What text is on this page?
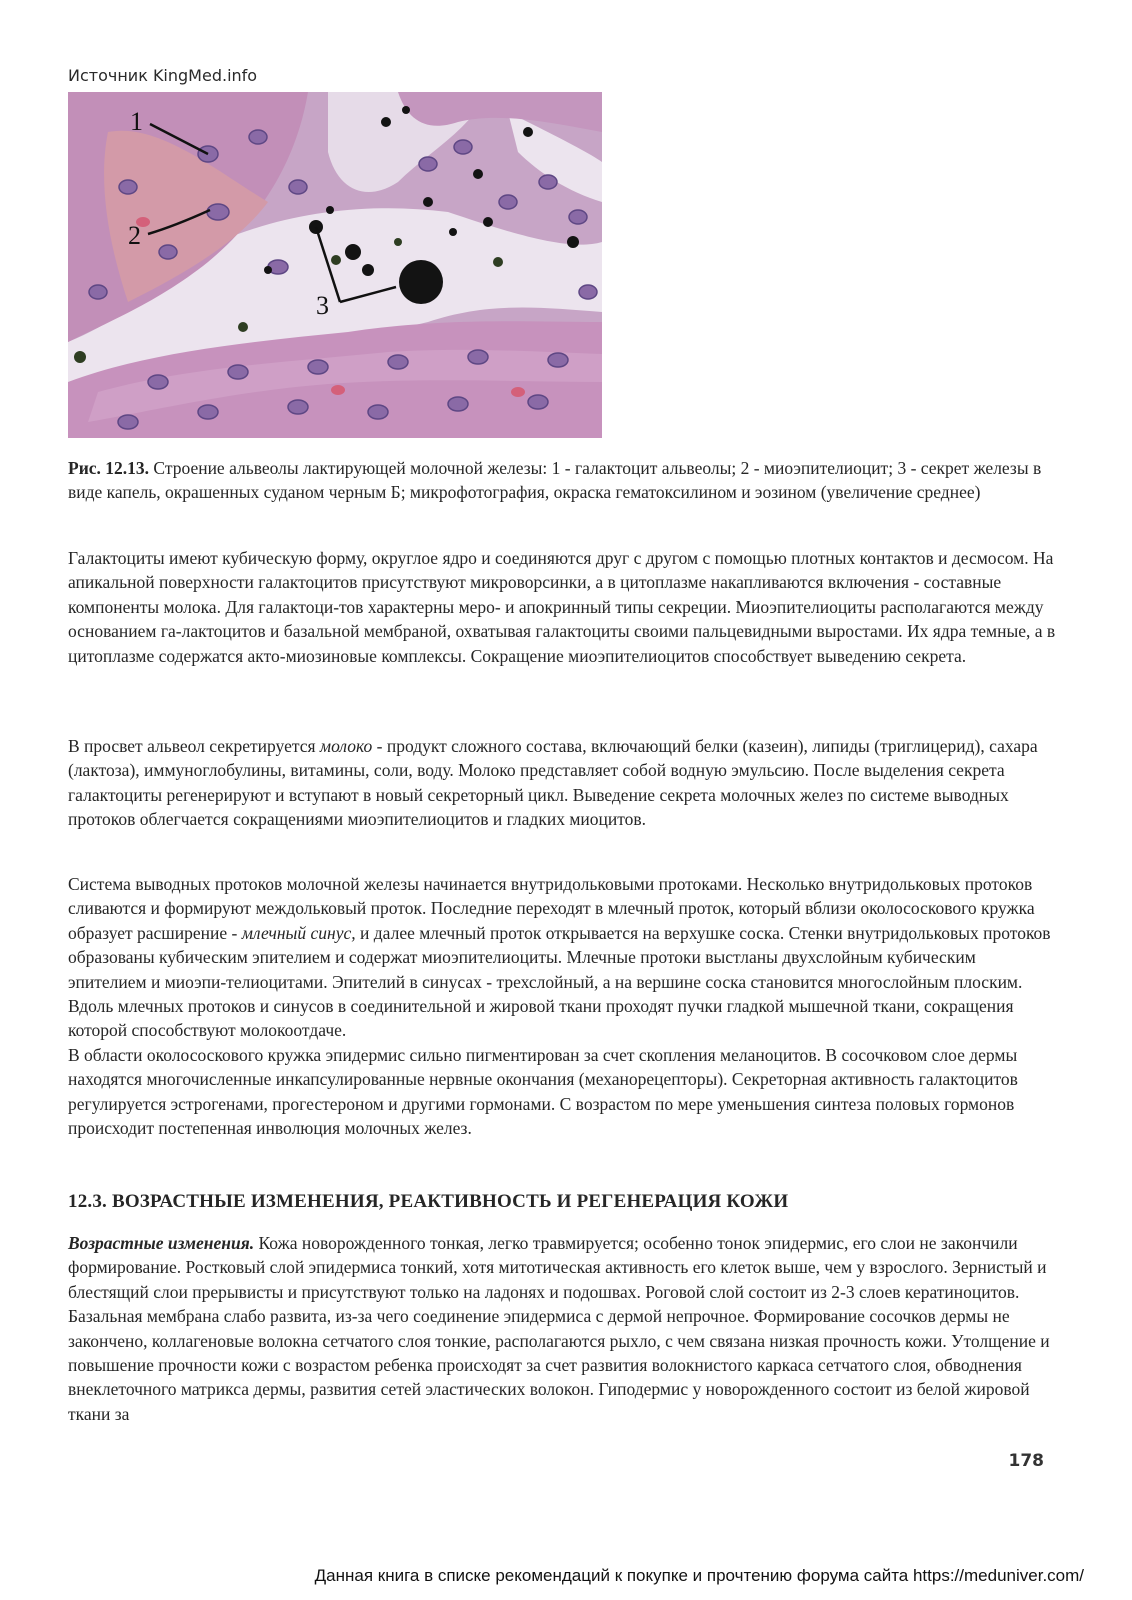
Источник KingMed.info
1
2
3
Рис. 12.13. Строение альвеолы лактирующей молочной железы: 1 - галактоцит альвеолы; 2 - миоэпителиоцит; 3 - секрет железы в виде капель, окрашенных суданом черным Б; микрофотография, окраска гематоксилином и эозином (увеличение среднее)

Галактоциты имеют кубическую форму, округлое ядро и соединяются друг с другом с помощью плотных контактов и десмосом. На апикальной поверхности галактоцитов присутствуют микроворсинки, а в цитоплазме накапливаются включения - составные компоненты молока. Для галактоци-тов характерны меро- и апокринный типы секреции. Миоэпителиоциты располагаются между основанием га-лактоцитов и базальной мембраной, охватывая галактоциты своими пальцевидными выростами. Их ядра темные, а в цитоплазме содержатся акто-миозиновые комплексы. Сокращение миоэпителиоцитов способствует выведению секрета.

В просвет альвеол секретируется молоко - продукт сложного состава, включающий белки (казеин), липиды (триглицерид), сахара (лактоза), иммуноглобулины, витамины, соли, воду. Молоко представляет собой водную эмульсию. После выделения секрета галактоциты регенерируют и вступают в новый секреторный цикл. Выведение секрета молочных желез по системе выводных протоков облегчается сокращениями миоэпителиоцитов и гладких миоцитов.

Система выводных протоков молочной железы начинается внутридольковыми протоками. Несколько внутридольковых протоков сливаются и формируют междольковый проток. Последние переходят в млечный проток, который вблизи околососкового кружка образует расширение - млечный синус, и далее млечный проток открывается на верхушке соска. Стенки внутридольковых протоков образованы кубическим эпителием и содержат миоэпителиоциты. Млечные протоки выстланы двухслойным кубическим эпителием и миоэпи-телиоцитами. Эпителий в синусах - трехслойный, а на вершине соска становится многослойным плоским. Вдоль млечных протоков и синусов в соединительной и жировой ткани проходят пучки гладкой мышечной ткани, сокращения которой способствуют молокоотдаче.
В области околососкового кружка эпидермис сильно пигментирован за счет скопления меланоцитов. В сосочковом слое дермы находятся многочисленные инкапсулированные нервные окончания (механорецепторы). Секреторная активность галактоцитов регулируется эстрогенами, прогестероном и другими гормонами. С возрастом по мере уменьшения синтеза половых гормонов происходит постепенная инволюция молочных желез.
12.3. ВОЗРАСТНЫЕ ИЗМЕНЕНИЯ, РЕАКТИВНОСТЬ И РЕГЕНЕРАЦИЯ КОЖИ

Возрастные изменения. Кожа новорожденного тонкая, легко травмируется; особенно тонок эпидермис, его слои не закончили формирование. Ростковый слой эпидермиса тонкий, хотя митотическая активность его клеток выше, чем у взрослого. Зернистый и блестящий слои прерывисты и присутствуют только на ладонях и подошвах. Роговой слой состоит из 2-3 слоев кератиноцитов. Базальная мембрана слабо развита, из-за чего соединение эпидермиса с дермой непрочное. Формирование сосочков дермы не закончено, коллагеновые волокна сетчатого слоя тонкие, располагаются рыхло, с чем связана низкая прочность кожи. Утолщение и повышение прочности кожи с возрастом ребенка происходят за счет развития волокнистого каркаса сетчатого слоя, обводнения внеклеточного матрикса дермы, развития сетей эластических волокон. Гиподермис у новорожденного состоит из белой жировой ткани за

178
Данная книга в списке рекомендаций к покупке и прочтению форума сайта https://meduniver.com/
